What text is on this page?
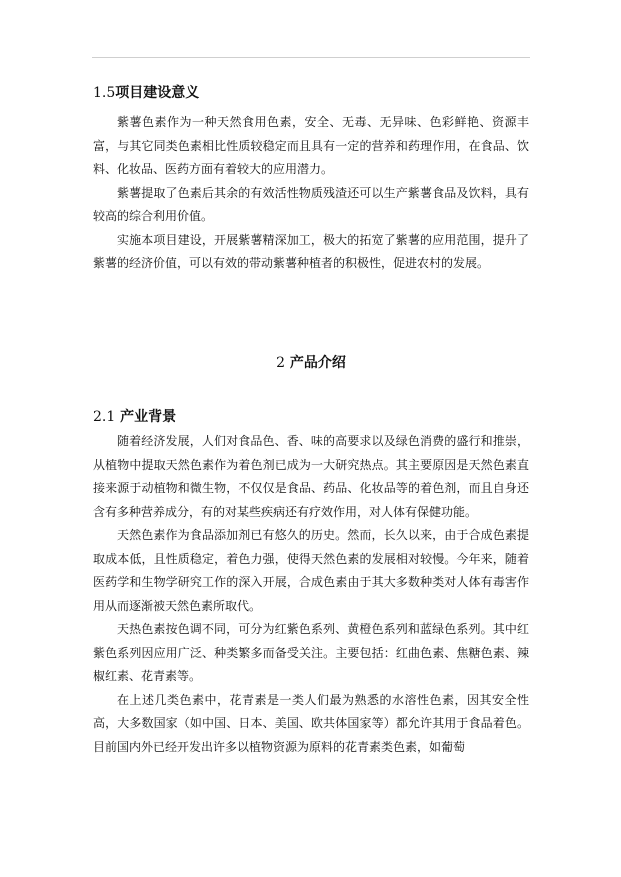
1.5项目建设意义

紫薯色素作为一种天然食用色素，安全、无毒、无异味、色彩鲜艳、资源丰富，与其它同类色素相比性质较稳定而且具有一定的营养和药理作用，在食品、饮料、化妆品、医药方面有着较大的应用潜力。

紫薯提取了色素后其余的有效活性物质残渣还可以生产紫薯食品及饮料，具有较高的综合利用价值。

实施本项目建设，开展紫薯精深加工，极大的拓宽了紫薯的应用范围，提升了紫薯的经济价值，可以有效的带动紫薯种植者的积极性，促进农村的发展。

2 产品介绍
2.1 产业背景

随着经济发展，人们对食品色、香、味的高要求以及绿色消费的盛行和推崇，从植物中提取天然色素作为着色剂已成为一大研究热点。其主要原因是天然色素直接来源于动植物和微生物，不仅仅是食品、药品、化妆品等的着色剂，而且自身还含有多种营养成分，有的对某些疾病还有疗效作用，对人体有保健功能。

天然色素作为食品添加剂已有悠久的历史。然而，长久以来，由于合成色素提取成本低，且性质稳定，着色力强，使得天然色素的发展相对较慢。今年来，随着医药学和生物学研究工作的深入开展，合成色素由于其大多数种类对人体有毒害作用从而逐渐被天然色素所取代。

天热色素按色调不同，可分为红紫色系列、黄橙色系列和蓝绿色系列。其中红紫色系列因应用广泛、种类繁多而备受关注。主要包括：红曲色素、焦糖色素、辣椒红素、花青素等。

在上述几类色素中，花青素是一类人们最为熟悉的水溶性色素，因其安全性高，大多数国家（如中国、日本、美国、欧共体国家等）都允许其用于食品着色。目前国内外已经开发出许多以植物资源为原料的花青素类色素，如葡萄
